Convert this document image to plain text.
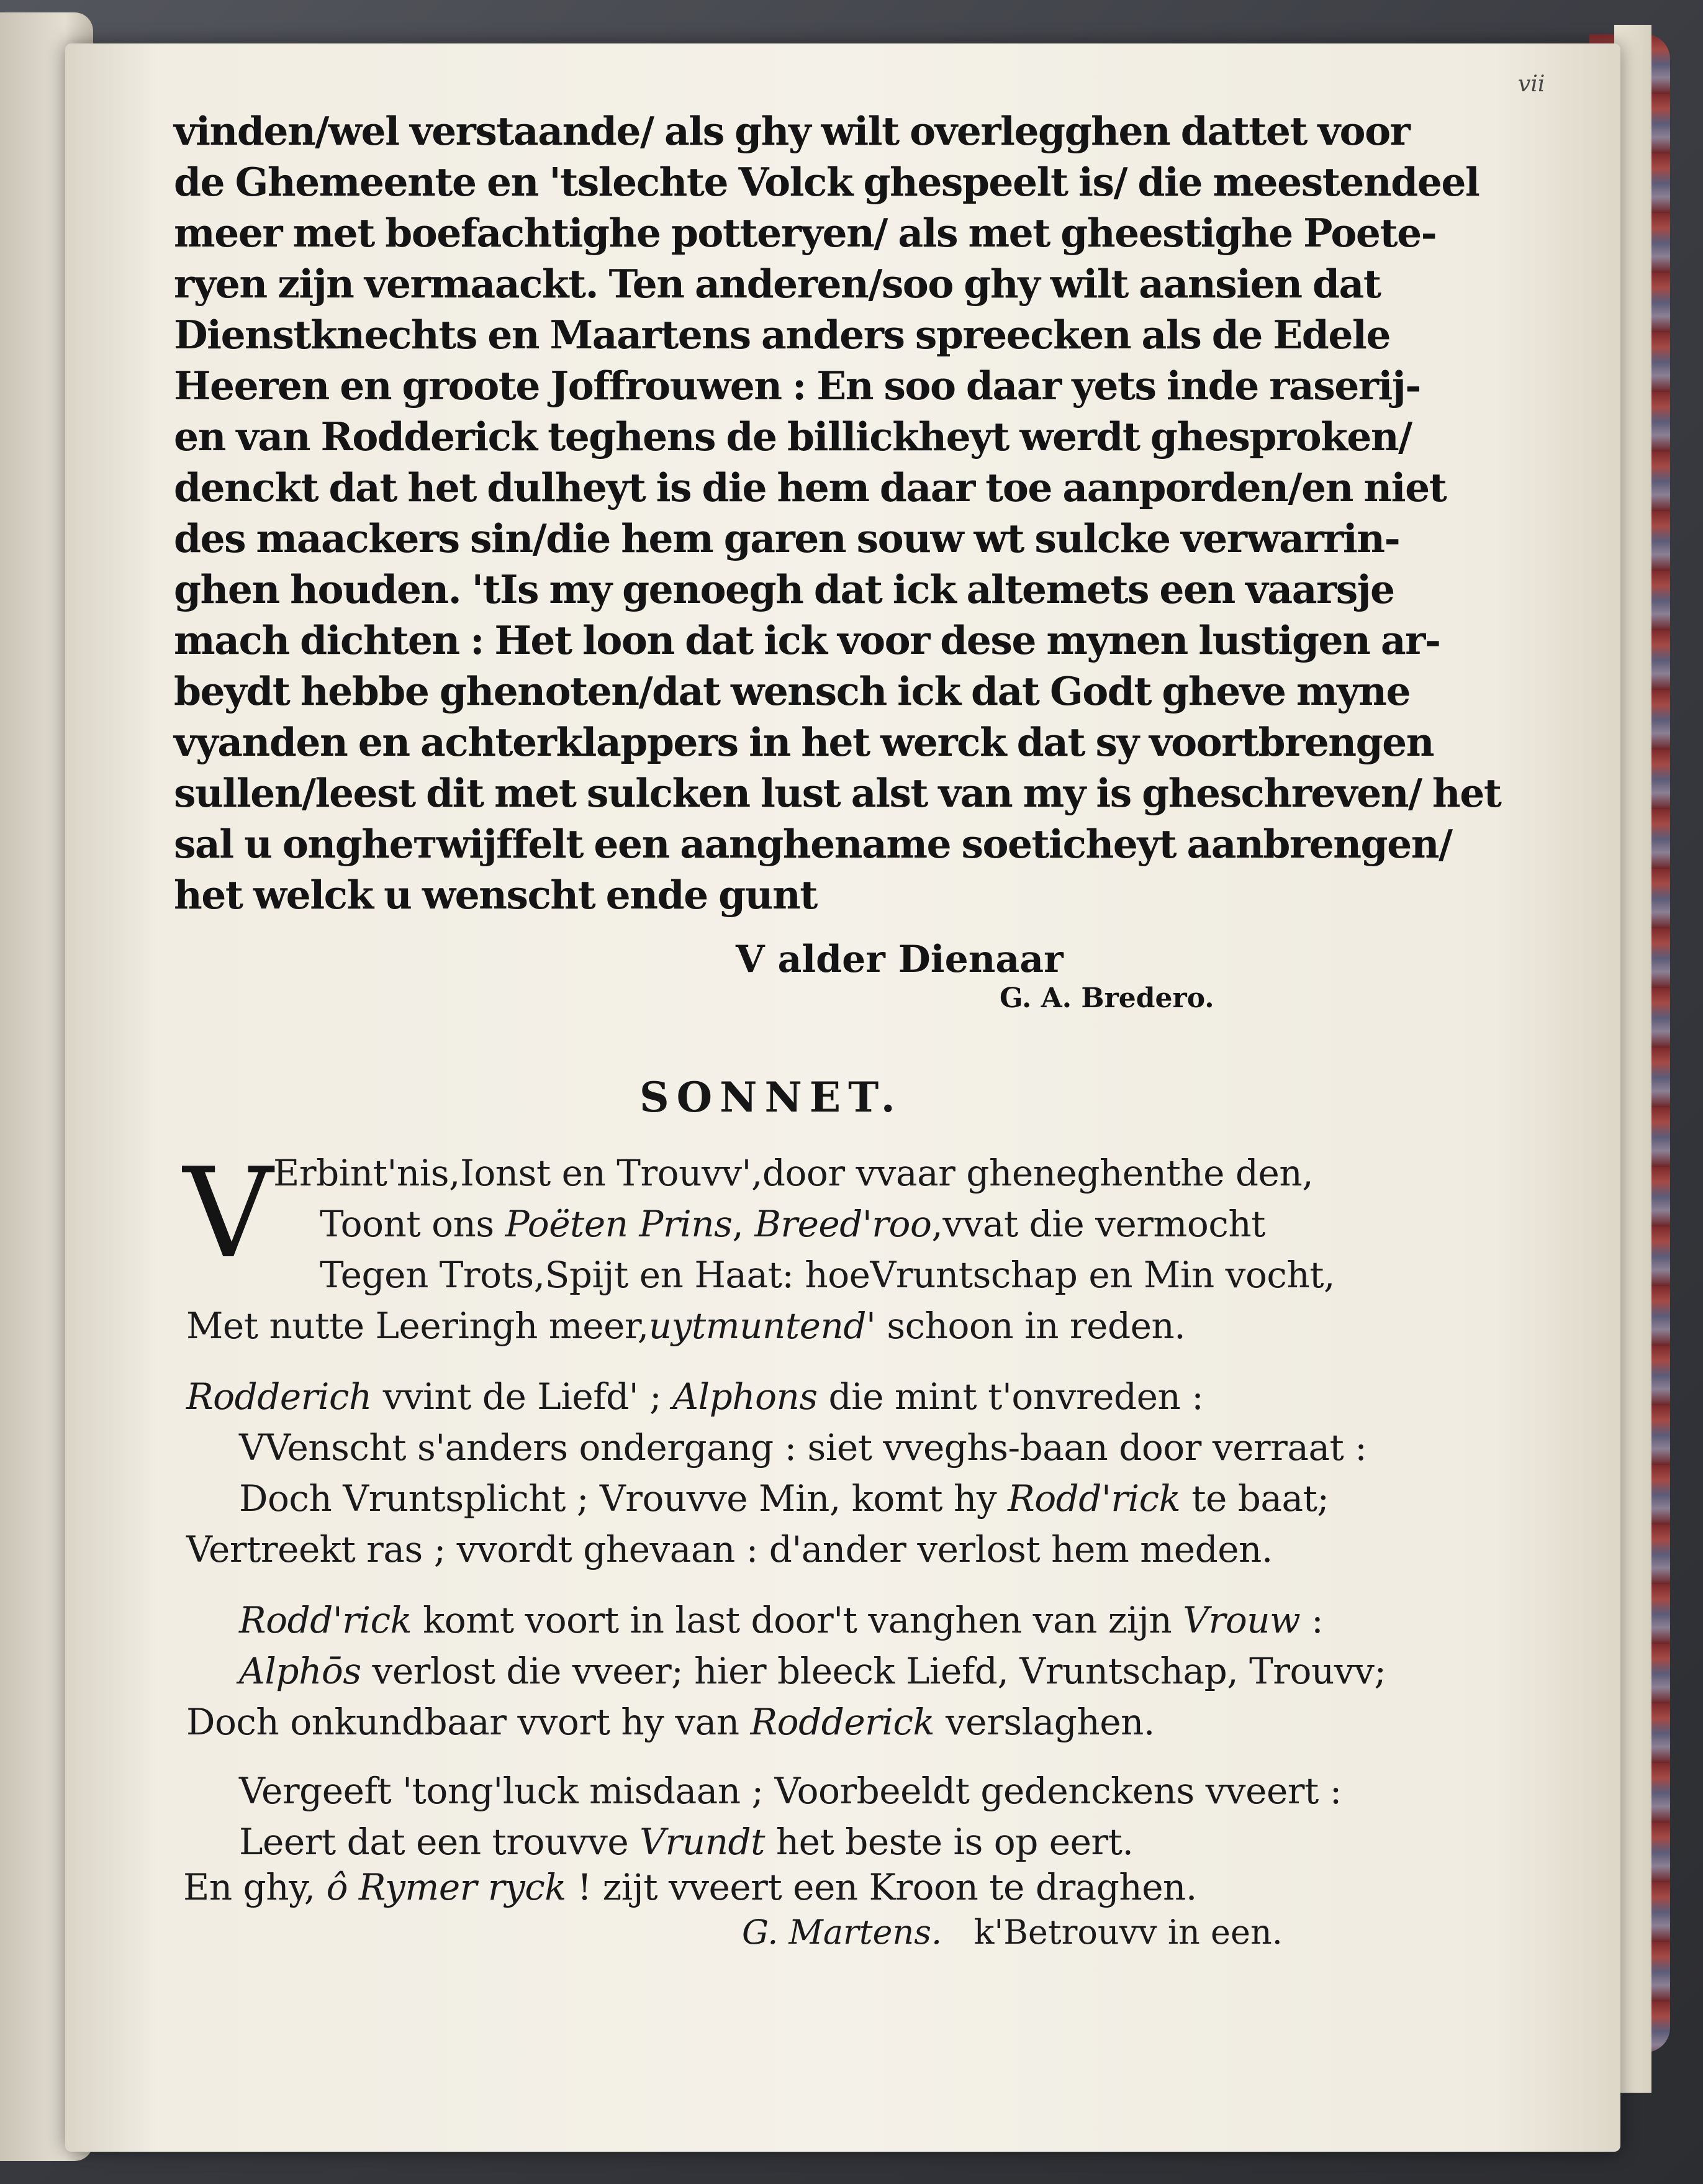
vii
vinden/wel verstaande/ als ghy wilt overlegghen dattet voor
de Ghemeente en 'tslechte Volck ghespeelt is/ die meestendeel
meer met boefachtighe potteryen/ als met gheestighe Poete-
ryen zijn vermaackt. Ten anderen/soo ghy wilt aansien dat
Dienstknechts en Maartens anders spreecken als de Edele
Heeren en groote Joffrouwen : En soo daar yets inde raserij-
en van Rodderick teghens de billickheyt werdt ghesproken/
denckt dat het dulheyt is die hem daar toe aanporden/en niet
des maackers sin/die hem garen souw wt sulcke verwarrin-
ghen houden. 'tIs my genoegh dat ick altemets een vaarsje
mach dichten : Het loon dat ick voor dese mynen lustigen ar-
beydt hebbe ghenoten/dat wensch ick dat Godt gheve myne
vyanden en achterklappers in het werck dat sy voortbrengen
sullen/leest dit met sulcken lust alst van my is gheschreven/ het
sal u ongheтwijffelt een aanghename soeticheyt aanbrengen/
het welck u wenscht ende gunt
V alder Dienaar
G. A. Bredero.
SONNET.
V Erbint'nis,Ionst en Trouvv',door vvaar gheneghenthe den,
Toont ons Poëten Prins, Breed'roo,vvat die vermocht
Tegen Trots,Spijt en Haat: hoeVruntschap en Min vocht,
Met nutte Leeringh meer,uytmuntend' schoon in reden.
Rodderich vvint de Liefd' ; Alphons die mint t'onvreden :
VVenscht s'anders ondergang : siet vveghs-baan door verraat :
Doch Vruntsplicht ; Vrouvve Min, komt hy Rodd'rick te baat;
Vertreekt ras ; vvordt ghevaan : d'ander verlost hem meden.
Rodd'rick komt voort in last door't vanghen van zijn Vrouw :
Alphōs verlost die vveer; hier bleeck Liefd, Vruntschap, Trouvv;
Doch onkundbaar vvort hy van Rodderick verslaghen.
Vergeeft 'tong'luck misdaan ; Voorbeeldt gedenckens vveert :
Leert dat een trouvve Vrundt het beste is op eert.
En ghy, ô Rymer ryck ! zijt vveert een Kroon te draghen.
G. Martens. k'Betrouvv in een.
